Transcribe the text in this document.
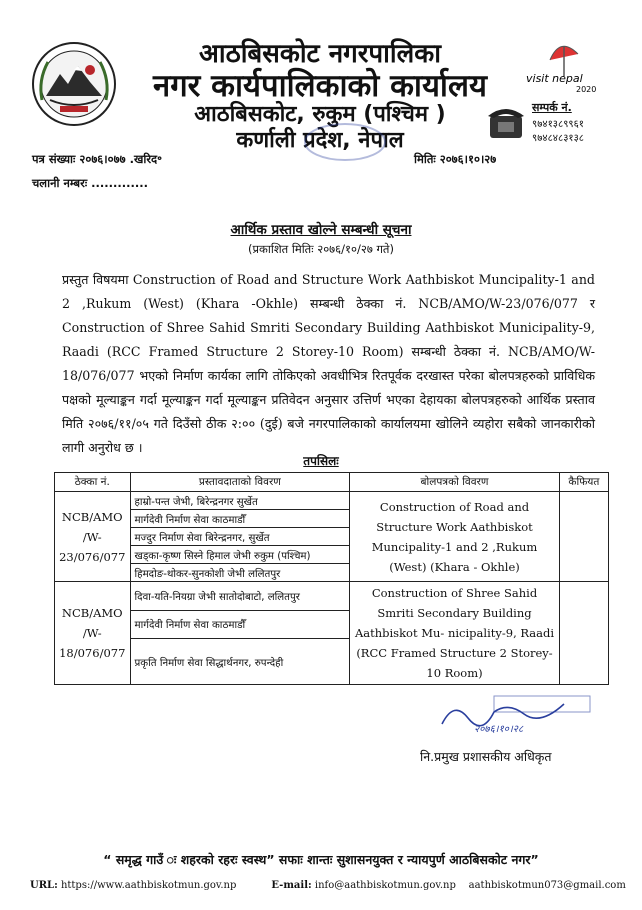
आठबिसकोट नगरपालिका
नगर कार्यपालिकाको कार्यालय
आठबिसकोट, रुकुम (पश्चिम )
कर्णाली प्रदेश, नेपाल
visit nepal
2020
सम्पर्क नं.
९७४१३८९९६१
९७४८४८३१३८
पत्र संख्याः २०७६।०७७ .खरिद॰	मितिः २०७६।१०।२७
चलानी नम्बरः .............
आर्थिक प्रस्ताव खोल्ने सम्बन्धी सूचना
(प्रकाशित मितिः २०७६/१०/२७ गते)
प्रस्तुत विषयमा Construction of Road and Structure Work Aathbiskot Muncipality-1 and 2 ,Rukum (West) (Khara -Okhle) सम्बन्धी ठेक्का नं. NCB/AMO/W-23/076/077 र Construction of Shree Sahid Smriti Secondary Building Aathbiskot Municipality-9, Raadi (RCC Framed Structure 2 Storey-10 Room) सम्बन्धी ठेक्का नं. NCB/AMO/W-18/076/077 भएको निर्माण कार्यका लागि तोकिएको अवधीभित्र रितपूर्वक दरखास्त परेका बोलपत्रहरुको प्राविधिक पक्षको मूल्याङ्कन गर्दा मूल्याङ्कन गर्दा मूल्याङ्कन प्रतिवेदन अनुसार उत्तिर्ण भएका देहायका बोलपत्रहरुको आर्थिक प्रस्ताव मिति २०७६/११/०५ गते दिउँसो ठीक २:०० (दुई) बजे नगरपालिकाको कार्यालयमा खोलिने व्यहोरा सबैको जानकारीको लागी अनुरोध छ ।
तपसिलः
ठेक्का नं.	प्रस्तावदाताको विवरण	बोलपत्रको विवरण	कैफियत
NCB/AMO /W- 23/076/077	हाम्रो-पन्त जेभी, बिरेन्द्रनगर सुर्खेत	Construction of Road and Structure Work Aathbiskot Muncipality-1 and 2 ,Rukum (West) (Khara - Okhle)	
	मार्गदेवी निर्माण सेवा काठमाडौँ		
	मज्दुर निर्माण सेवा बिरेन्द्रनगर, सुर्खेत		
	खड्का-कृष्ण सिस्ने हिमाल जेभी रुकुम (पश्चिम)		
	हिमदोङ-थोकर-सुनकोशी जेभी ललितपुर		
NCB/AMO /W- 18/076/077	दिवा-यति-नियग्रा जेभी सातोदोबाटो, ललितपुर	Construction of Shree Sahid Smriti Secondary Building Aathbiskot Mu- nicipality-9, Raadi (RCC Framed Structure 2 Storey-10 Room)	
	मार्गदेवी निर्माण सेवा काठमाडौँ		
	प्रकृति निर्माण सेवा सिद्धार्थनगर, रुपन्देही		
२०७६।१०।२८
नि.प्रमुख प्रशासकीय अधिकृत
“ समृद्ध गाउँ ः शहरको रहरः स्वस्थ” सफाः शान्तः सुशासनयुक्त र न्यायपुर्ण आठबिसकोट नगर”
URL: https://www.aathbiskotmun.gov.np	E-mail: info@aathbiskotmun.gov.np aathbiskotmun073@gmail.com
